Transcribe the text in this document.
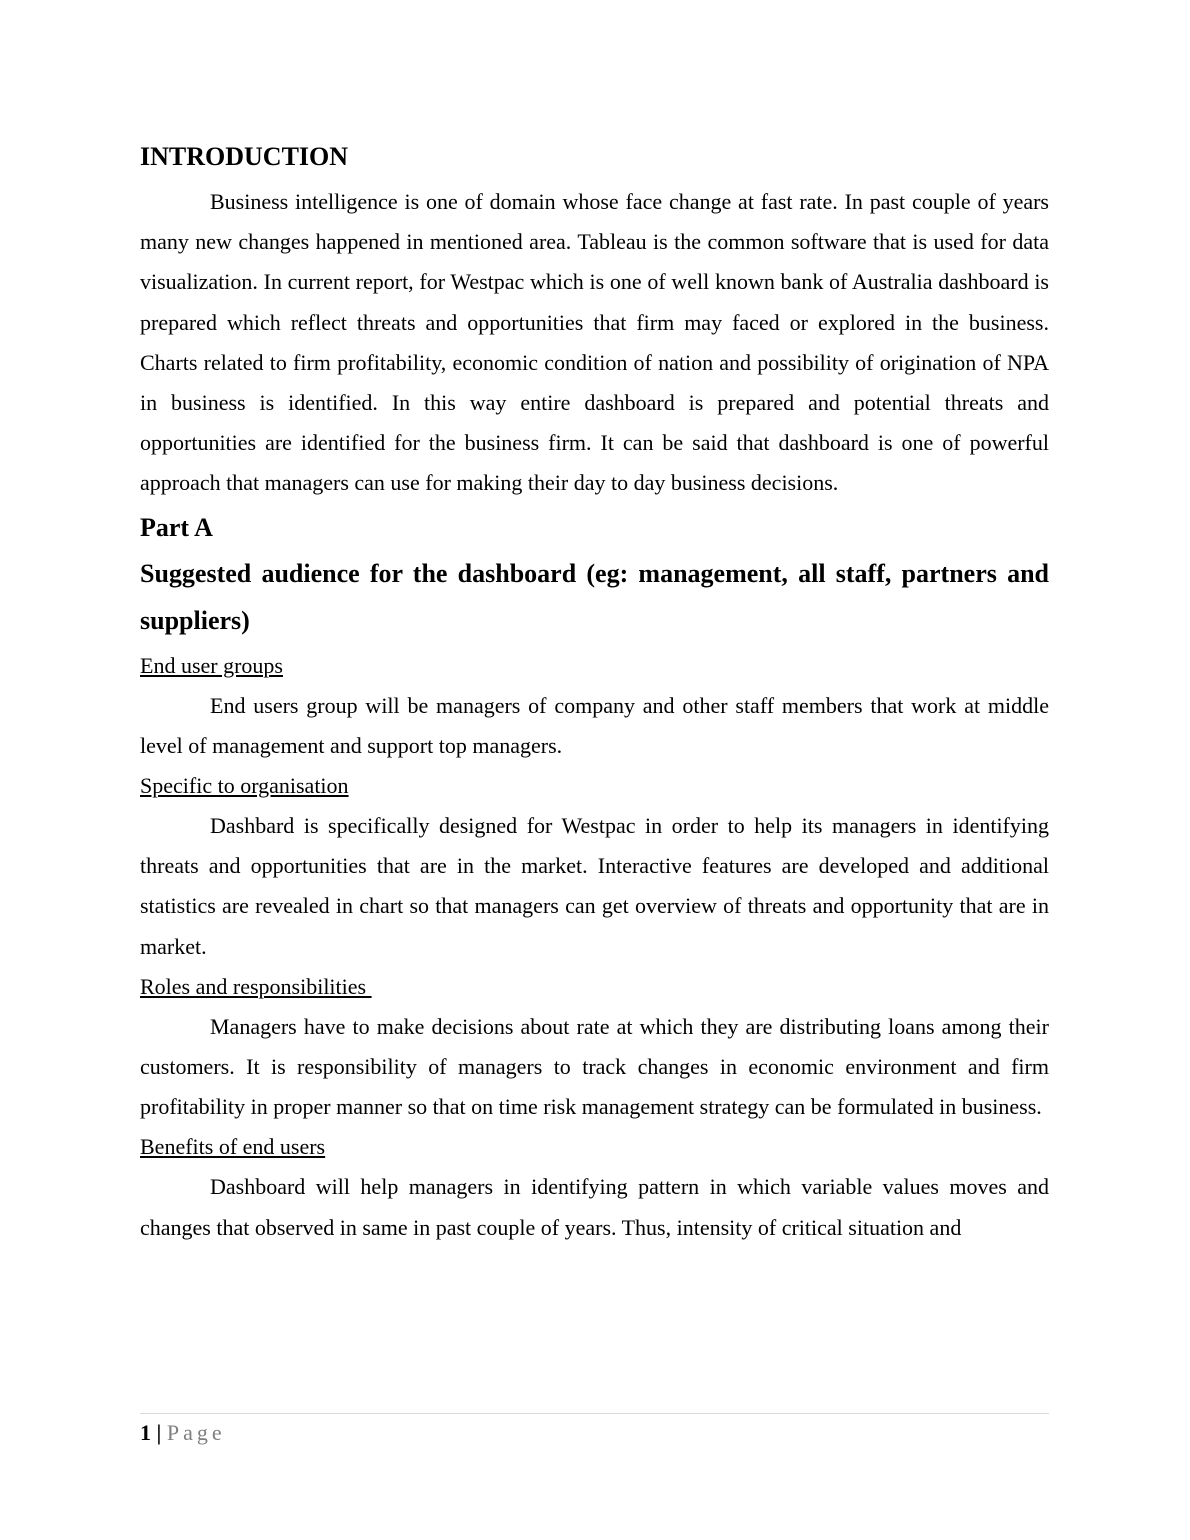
INTRODUCTION

Business intelligence is one of domain whose face change at fast rate. In past couple of years many new changes happened in mentioned area. Tableau is the common software that is used for data visualization. In current report, for Westpac which is one of well known bank of Australia dashboard is prepared which reflect threats and opportunities that firm may faced or explored in the business. Charts related to firm profitability, economic condition of nation and possibility of origination of NPA in business is identified. In this way entire dashboard is prepared and potential threats and opportunities are identified for the business firm. It can be said that dashboard is one of powerful approach that managers can use for making their day to day business decisions.

Part A
Suggested audience for the dashboard (eg: management, all staff, partners and suppliers)
End user groups

End users group will be managers of company and other staff members that work at middle level of management and support top managers.

Specific to organisation

Dashbard is specifically designed for Westpac in order to help its managers in identifying threats and opportunities that are in the market. Interactive features are developed and additional statistics are revealed in chart so that managers can get overview of threats and opportunity that are in market.

Roles and responsibilities

Managers have to make decisions about rate at which they are distributing loans among their customers. It is responsibility of managers to track changes in economic environment and firm profitability in proper manner so that on time risk management strategy can be formulated in business.

Benefits of end users

Dashboard will help managers in identifying pattern in which variable values moves and changes that observed in same in past couple of years. Thus, intensity of critical situation and

1 | Page
